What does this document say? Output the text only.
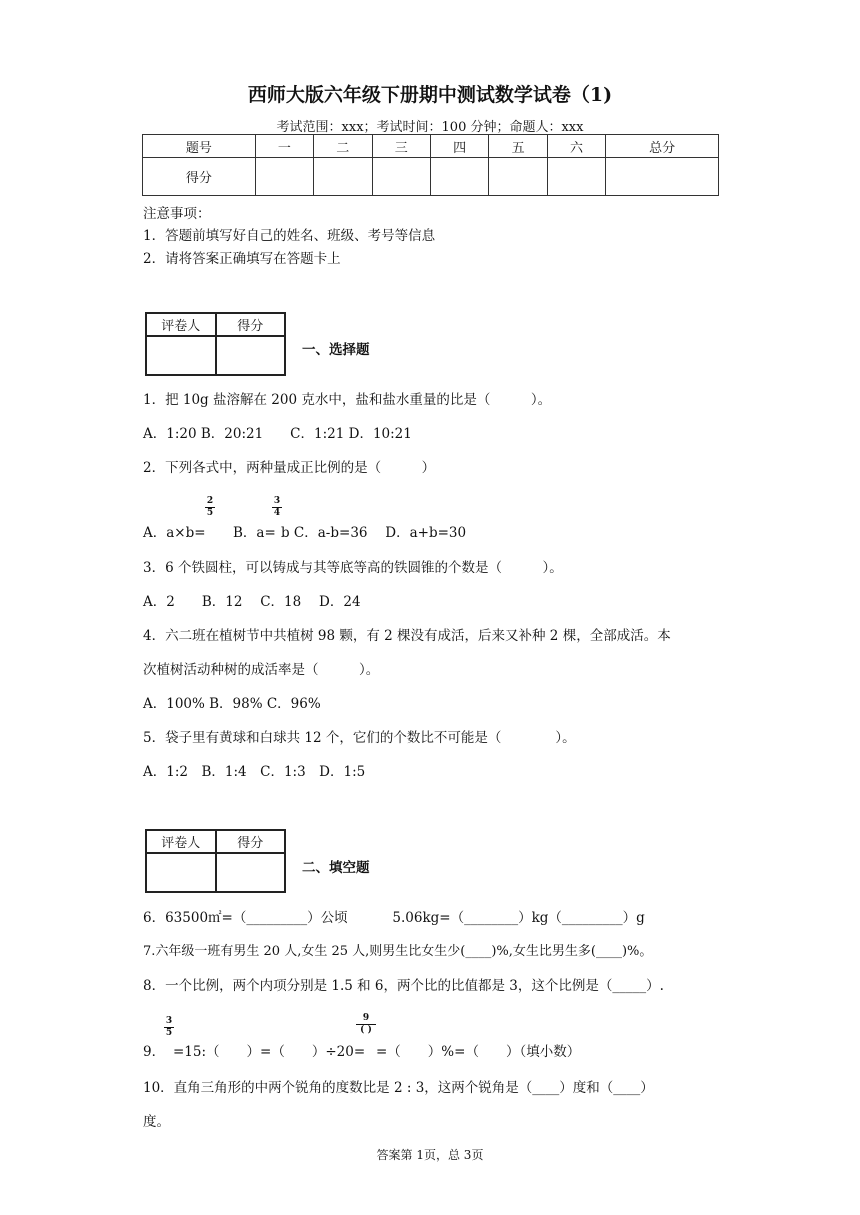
西师大版六年级下册期中测试数学试卷（1)
考试范围：xxx；考试时间：100 分钟；命题人：xxx
题号	一	二	三	四	五	六	总分
得分							
注意事项：
1．答题前填写好自己的姓名、班级、考号等信息
2．请将答案正确填写在答题卡上
评卷人	得分

一、选择题
1．把 10g 盐溶解在 200 克水中，盐和盐水重量的比是（　　　）。
A．1:20 B．20:21　　C．1:21 D．10:21
2．下列各式中，两种量成正比例的是（　　　）
A．a×b=
2
5
B．a=
3
4
b C．a-b=36　 D．a+b=30
3．6 个铁圆柱，可以铸成与其等底等高的铁圆锥的个数是（　　　）。
A．2　　B．12　 C．18　 D．24
4．六二班在植树节中共植树 98 颗，有 2 棵没有成活，后来又补种 2 棵，全部成活。本
次植树活动种树的成活率是（　　　）。
A．100% B．98% C．96%
5．袋子里有黄球和白球共 12 个，它们的个数比不可能是（　　　　）。
A．1:2　B．1:4　C．1:3　D．1:5
评卷人	得分

二、填空题
6．63500㎡=（_________）公顷　　　 5.06kg=（________）kg（_________）g
7.六年级一班有男生 20 人,女生 25 人,则男生比女生少(____)%,女生比男生多(____)%。
8．一个比例，两个内项分别是 1.5 和 6，两个比的比值都是 3，这个比例是（_____）.
9．
3
5
=15:（　　）=（　　）÷20=
9
( )
=（　　）%=（　　）（填小数）
10．直角三角形的中两个锐角的度数比是 2 : 3，这两个锐角是（____）度和（____）
度。
答案第 1页，总 3页
